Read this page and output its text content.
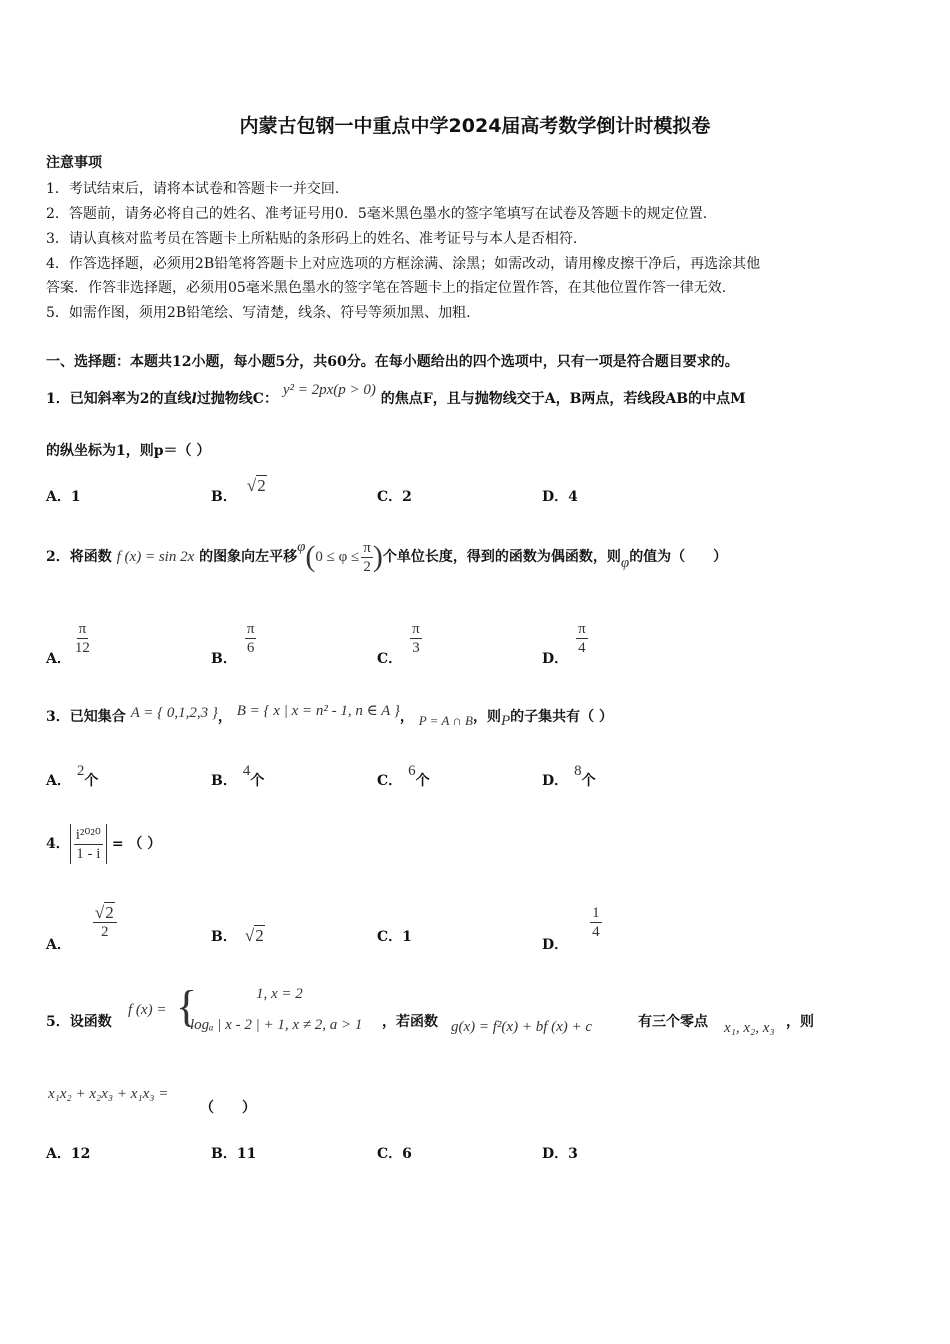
内蒙古包钢一中重点中学2024届高考数学倒计时模拟卷
注意事项
1．考试结束后，请将本试卷和答题卡一并交回.
2．答题前，请务必将自己的姓名、准考证号用0．5毫米黑色墨水的签字笔填写在试卷及答题卡的规定位置.
3．请认真核对监考员在答题卡上所粘贴的条形码上的姓名、准考证号与本人是否相符.
4．作答选择题，必须用2B铅笔将答题卡上对应选项的方框涂满、涂黑；如需改动，请用橡皮擦干净后，再选涂其他
答案．作答非选择题，必须用05毫米黑色墨水的签字笔在答题卡上的指定位置作答，在其他位置作答一律无效.
5．如需作图，须用2B铅笔绘、写清楚，线条、符号等须加黑、加粗.
一、选择题：本题共12小题，每小题5分，共60分。在每小题给出的四个选项中，只有一项是符合题目要求的。
1．已知斜率为2的直线l过抛物线C： y² = 2px(p > 0) 的焦点F，且与抛物线交于A，B两点，若线段AB的中点M
的纵坐标为1，则p＝（ ）
A．1	B．√2
C．2	D．4
2．将函数 f (x) = sin 2x 的图象向左平移$\varphi(0 \le \varphi \le \frac{\pi}{2}$ )个单位长度，得到的函数为偶函数，则φ的值为（　　）
A．
$\frac{\pi}{12}$
B．
$\frac{\pi}{6}$
C．
$\frac{\pi}{3}$
D．
$\frac{\pi}{4}$
3．已知集合 A = { 0,1,2,3 }， B = { x | x = n² - 1, n ∈ A }， P = A ∩ B，则P的子集共有（ ）
A．2个	B．4个	C．6个	D．8个
4． $\frac{\text{i²⁰²⁰}}{1 - i}$ = （ ）
A．
$\frac{√2}{2}$	B． √2	C．1	D．
$\frac{1}{4}$
5．设函数
f (x) = {	1, x = 2
logₐ | x - 2 | + 1, x ≠ 2, a > 1 ，若函数 g(x) = f²(x) + bf (x) + c	有三个零点 x₁, x₂, x₃ ，则
x₁x₂ + x₂x₃ + x₁x₃ =
（　　）
A．12	B．11	C．6	D．3
